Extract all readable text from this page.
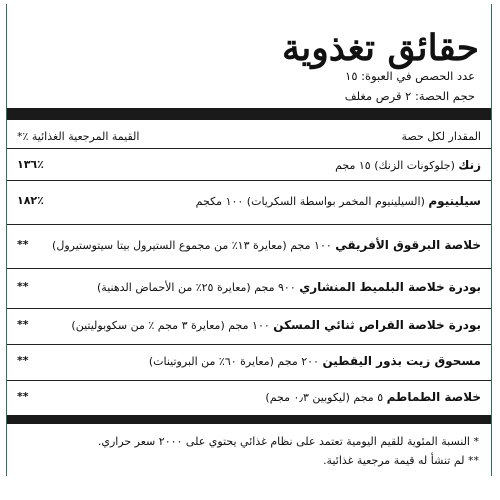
حقائق تغذوية
عدد الحصص في العبوة: ١٥
حجم الحصة: ٢ قرص مغلف
المقدار لكل حصة
القيمة المرجعية الغذائية ٪*
زنك (جلوكونات الزنك) ١٥ مجم
١٣٦٪
سيلينيوم (السيلينيوم المخمر بواسطة السكريات) ١٠٠ مكجم
١٨٢٪
خلاصة البرقوق الأفريقي ١٠٠ مجم (معايرة ١٣٪ من مجموع الستيرول بيتا سيتوستيرول)
**
بودرة خلاصة البلميط المنشاري ٩٠٠ مجم (معايرة ٢٥٪ من الأحماض الدهنية)
**
بودرة خلاصة القراص ثنائي المسكن ١٠٠ مجم (معايرة ٣ مجم ٪ من سكوبوليتين)
**
مسحوق زيت بذور اليقطين ٢٠٠ مجم (معايرة ٦٠٪ من البروتينات)
**
خلاصة الطماطم ٥ مجم (ليكوبين ٠٫٣ مجم)
**
* النسبة المئوية للقيم اليومية تعتمد على نظام غذائي يحتوي على ٢٠٠٠ سعر حراري.
** لم تنشأ له قيمة مرجعية غذائية.
